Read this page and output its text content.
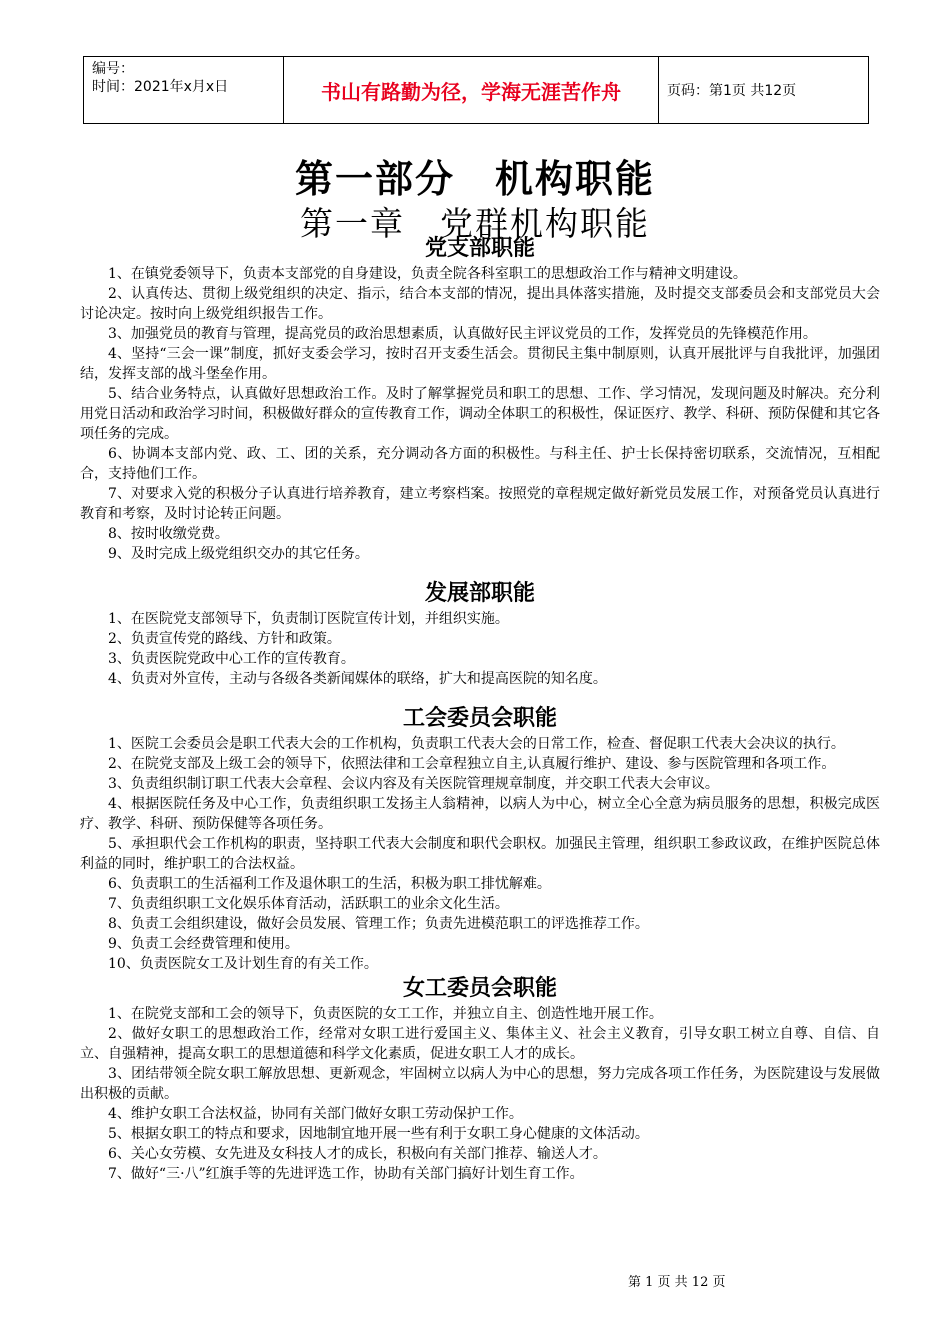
编号：
时间：2021年x月x日	书山有路勤为径，学海无涯苦作舟	页码：第1页 共12页
第一部分　机构职能
第一章　党群机构职能
党支部职能

1、在镇党委领导下，负责本支部党的自身建设，负责全院各科室职工的思想政治工作与精神文明建设。

2、认真传达、贯彻上级党组织的决定、指示，结合本支部的情况，提出具体落实措施，及时提交支部委员会和支部党员大会讨论决定。按时向上级党组织报告工作。

3、加强党员的教育与管理，提高党员的政治思想素质，认真做好民主评议党员的工作，发挥党员的先锋模范作用。

4、坚持“三会一课”制度，抓好支委会学习，按时召开支委生活会。贯彻民主集中制原则，认真开展批评与自我批评，加强团结，发挥支部的战斗堡垒作用。

5、结合业务特点，认真做好思想政治工作。及时了解掌握党员和职工的思想、工作、学习情况，发现问题及时解决。充分利用党日活动和政治学习时间，积极做好群众的宣传教育工作，调动全体职工的积极性，保证医疗、教学、科研、预防保健和其它各项任务的完成。

6、协调本支部内党、政、工、团的关系，充分调动各方面的积极性。与科主任、护士长保持密切联系，交流情况，互相配合，支持他们工作。

7、对要求入党的积极分子认真进行培养教育，建立考察档案。按照党的章程规定做好新党员发展工作，对预备党员认真进行教育和考察，及时讨论转正问题。

8、按时收缴党费。

9、及时完成上级党组织交办的其它任务。

发展部职能

1、在医院党支部领导下，负责制订医院宣传计划，并组织实施。

2、负责宣传党的路线、方针和政策。

3、负责医院党政中心工作的宣传教育。

4、负责对外宣传，主动与各级各类新闻媒体的联络，扩大和提高医院的知名度。

工会委员会职能

1、医院工会委员会是职工代表大会的工作机构，负责职工代表大会的日常工作，检查、督促职工代表大会决议的执行。

2、在院党支部及上级工会的领导下，依照法律和工会章程独立自主,认真履行维护、建设、参与医院管理和各项工作。

3、负责组织制订职工代表大会章程、会议内容及有关医院管理规章制度，并交职工代表大会审议。

4、根据医院任务及中心工作，负责组织职工发扬主人翁精神，以病人为中心，树立全心全意为病员服务的思想，积极完成医疗、教学、科研、预防保健等各项任务。

5、承担职代会工作机构的职责，坚持职工代表大会制度和职代会职权。加强民主管理，组织职工参政议政，在维护医院总体利益的同时，维护职工的合法权益。

6、负责职工的生活福利工作及退休职工的生活，积极为职工排忧解难。

7、负责组织职工文化娱乐体育活动，活跃职工的业余文化生活。

8、负责工会组织建设，做好会员发展、管理工作；负责先进模范职工的评选推荐工作。

9、负责工会经费管理和使用。

10、负责医院女工及计划生育的有关工作。

女工委员会职能

1、在院党支部和工会的领导下，负责医院的女工工作，并独立自主、创造性地开展工作。

2、做好女职工的思想政治工作，经常对女职工进行爱国主义、集体主义、社会主义教育，引导女职工树立自尊、自信、自立、自强精神，提高女职工的思想道德和科学文化素质，促进女职工人才的成长。

3、团结带领全院女职工解放思想、更新观念，牢固树立以病人为中心的思想，努力完成各项工作任务，为医院建设与发展做出积极的贡献。

4、维护女职工合法权益，协同有关部门做好女职工劳动保护工作。

5、根据女职工的特点和要求，因地制宜地开展一些有利于女职工身心健康的文体活动。

6、关心女劳模、女先进及女科技人才的成长，积极向有关部门推荐、输送人才。

7、做好“三·八”红旗手等的先进评选工作，协助有关部门搞好计划生育工作。

第 1 页 共 12 页
